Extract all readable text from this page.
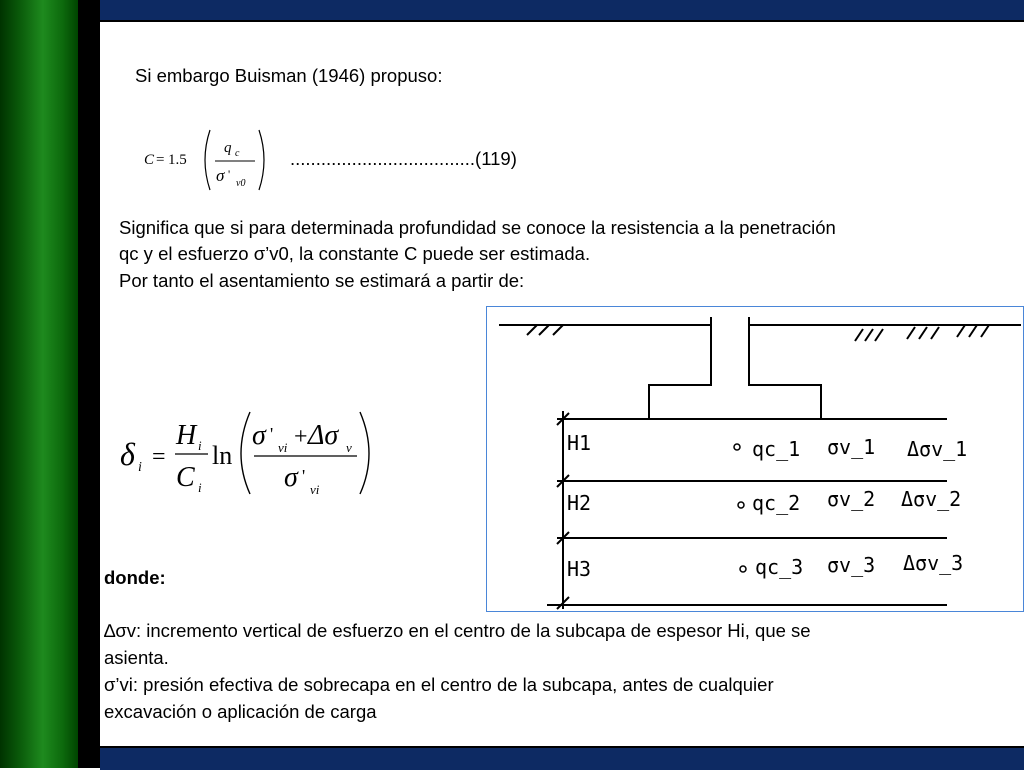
Si embargo Buisman (1946) propuso:
C = 1.5
q c
σ '
v0
....................................(119)
Significa que si para determinada profundidad se conoce la resistencia a la penetración
qc y el esfuerzo σ’v0, la constante C puede ser estimada.
Por tanto el asentamiento se estimará a partir de:
δ i =
H i
C i
ln
σ '
vi + Δσ v
σ '
vi
H1	qc_1 σv_1 Δσv_1
H2	qc_2 σv_2 Δσv_2
H3	qc_3 σv_3 Δσv_3
donde:
∆σv: incremento vertical de esfuerzo en el centro de la subcapa de espesor Hi, que se
asienta.
σ’vi: presión efectiva de sobrecapa en el centro de la subcapa, antes de cualquier
excavación o aplicación de carga
